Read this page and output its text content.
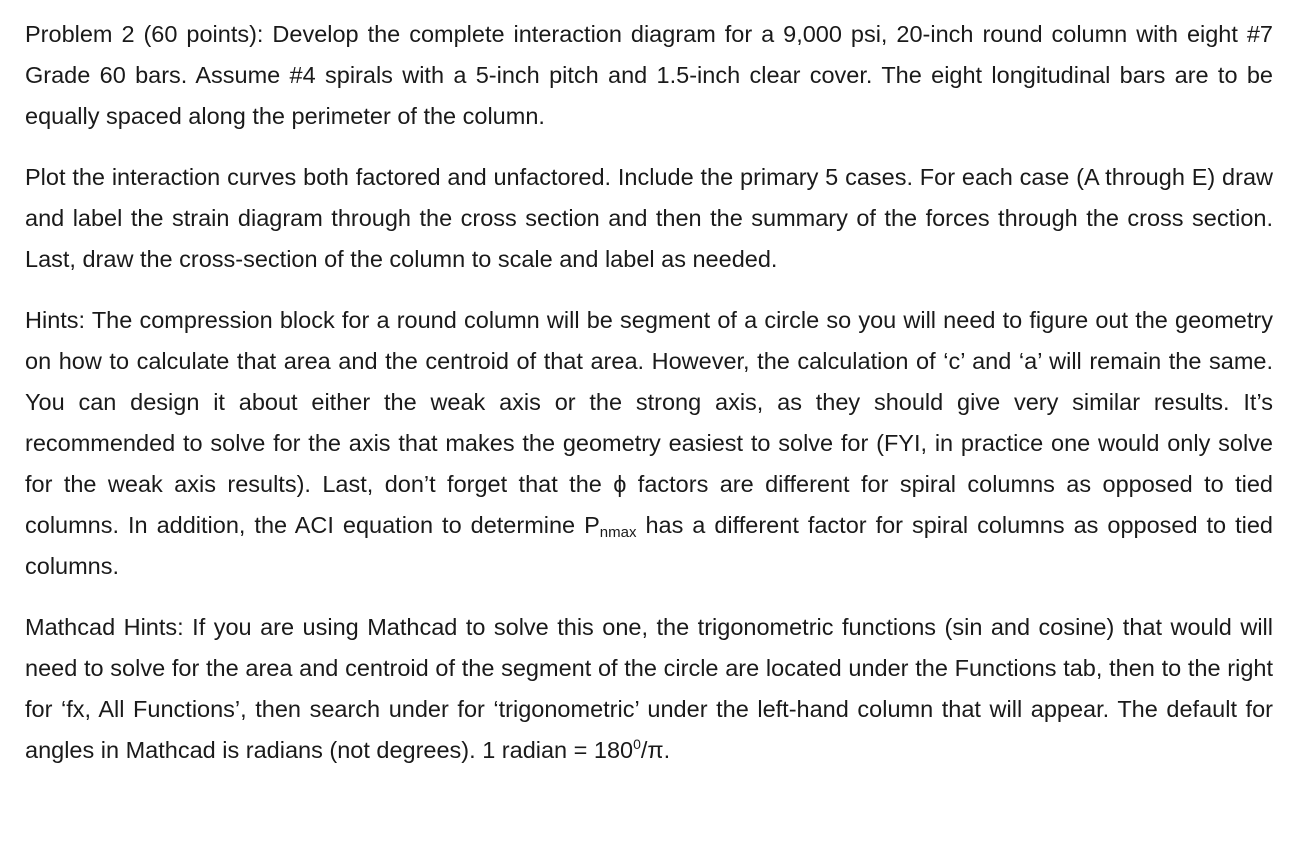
Problem 2 (60 points): Develop the complete interaction diagram for a 9,000 psi, 20-inch round column with eight #7 Grade 60 bars. Assume #4 spirals with a 5-inch pitch and 1.5-inch clear cover. The eight longitudinal bars are to be equally spaced along the perimeter of the column.

Plot the interaction curves both factored and unfactored. Include the primary 5 cases. For each case (A through E) draw and label the strain diagram through the cross section and then the summary of the forces through the cross section. Last, draw the cross-section of the column to scale and label as needed.

Hints: The compression block for a round column will be segment of a circle so you will need to figure out the geometry on how to calculate that area and the centroid of that area. However, the calculation of ‘c’ and ‘a’ will remain the same. You can design it about either the weak axis or the strong axis, as they should give very similar results. It’s recommended to solve for the axis that makes the geometry easiest to solve for (FYI, in practice one would only solve for the weak axis results). Last, don’t forget that the ϕ factors are different for spiral columns as opposed to tied columns. In addition, the ACI equation to determine $P_{nmax}$ has a different factor for spiral columns as opposed to tied columns.

Mathcad Hints: If you are using Mathcad to solve this one, the trigonometric functions (sin and cosine) that would will need to solve for the area and centroid of the segment of the circle are located under the Functions tab, then to the right for ‘fx, All Functions’, then search under for ‘trigonometric’ under the left-hand column that will appear. The default for angles in Mathcad is radians (not degrees). 1 radian = $180^0/\pi$.
